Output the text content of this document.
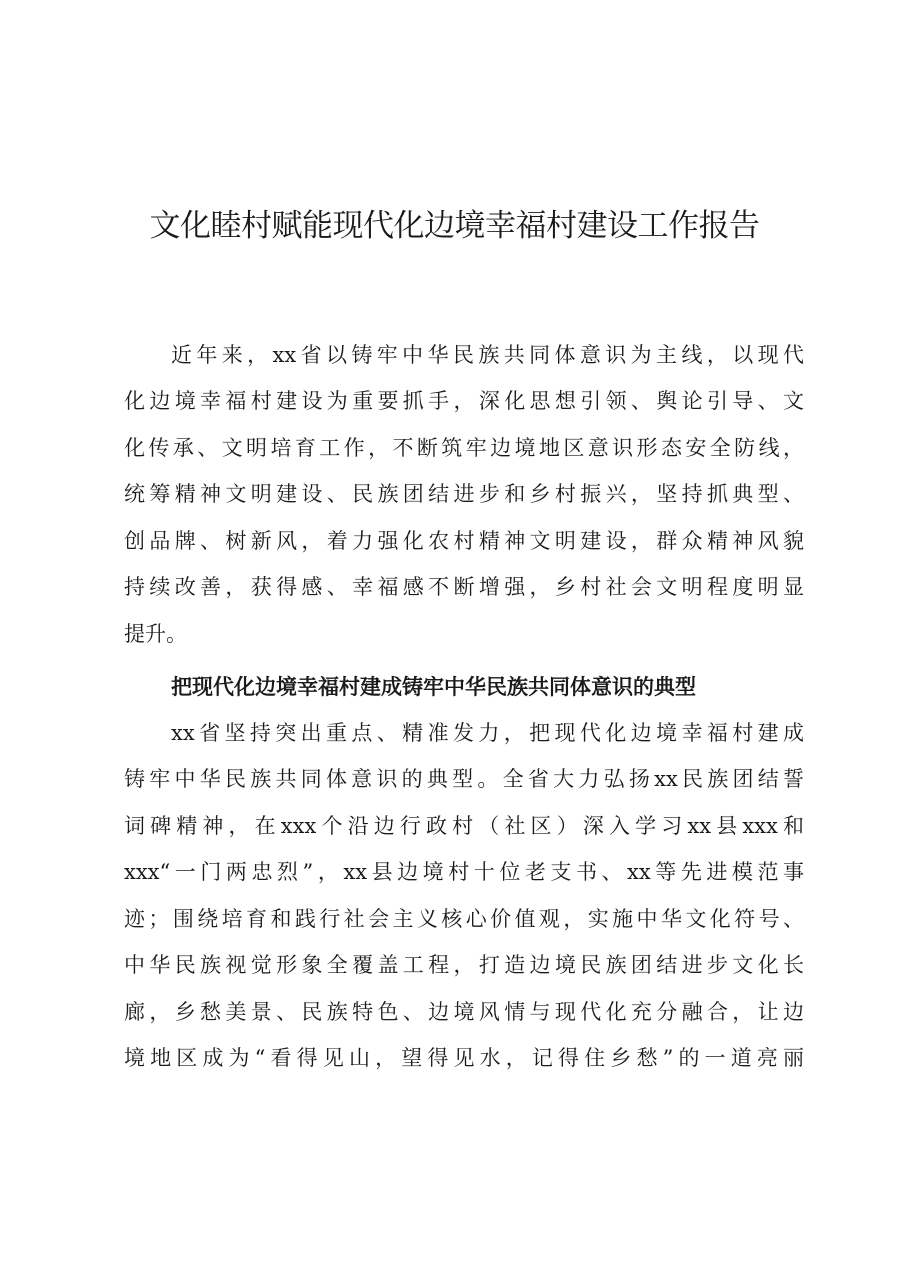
文化睦村赋能现代化边境幸福村建设工作报告

近年来，xx省以铸牢中华民族共同体意识为主线，以现代

化边境幸福村建设为重要抓手，深化思想引领、舆论引导、文

化传承、文明培育工作，不断筑牢边境地区意识形态安全防线，

统筹精神文明建设、民族团结进步和乡村振兴，坚持抓典型、

创品牌、树新风，着力强化农村精神文明建设，群众精神风貌

持续改善，获得感、幸福感不断增强，乡村社会文明程度明显

提升。

把现代化边境幸福村建成铸牢中华民族共同体意识的典型

xx省坚持突出重点、精准发力，把现代化边境幸福村建成

铸牢中华民族共同体意识的典型。全省大力弘扬xx民族团结誓

词碑精神，在xxx个沿边行政村（社区）深入学习xx县xxx和

xxx“一门两忠烈”，xx县边境村十位老支书、xx等先进模范事

迹；围绕培育和践行社会主义核心价值观，实施中华文化符号、

中华民族视觉形象全覆盖工程，打造边境民族团结进步文化长

廊，乡愁美景、民族特色、边境风情与现代化充分融合，让边

境地区成为“看得见山，望得见水，记得住乡愁”的一道亮丽
